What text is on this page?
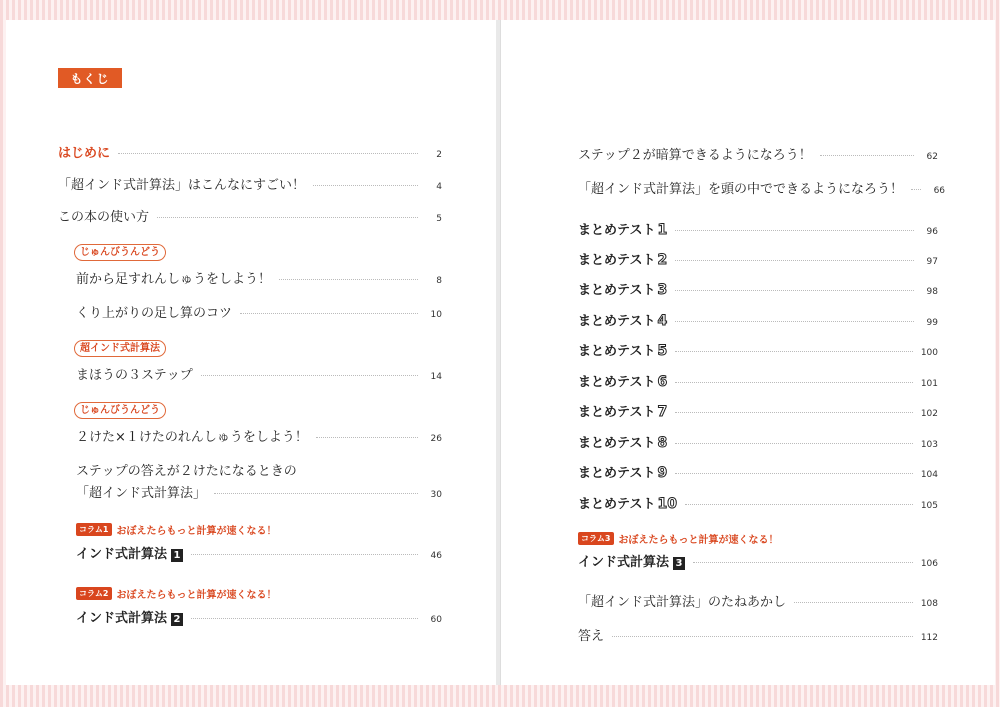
もくじ
はじめに	2
「超インド式計算法」はこんなにすごい！	4
この本の使い方	5
じゅんびうんどう
前から足すれんしゅうをしよう！	8
くり上がりの足し算のコツ	10
超インド式計算法
まほうの３ステップ	14
じゅんびうんどう
２けた×１けたのれんしゅうをしよう！	26
ステップの答えが２けたになるときの
「超インド式計算法」	30
コラム1 おぼえたらもっと計算が速くなる！
インド式計算法 1	46
コラム2 おぼえたらもっと計算が速くなる！
インド式計算法 2	60
ステップ２が暗算できるようになろう！	62
「超インド式計算法」を頭の中でできるようになろう！	66
まとめテスト 1	96
まとめテスト 2	97
まとめテスト 3	98
まとめテスト 4	99
まとめテスト 5	100
まとめテスト 6	101
まとめテスト 7	102
まとめテスト 8	103
まとめテスト 9	104
まとめテスト 10	105
コラム3 おぼえたらもっと計算が速くなる！
インド式計算法 3	106
「超インド式計算法」のたねあかし	108
答え	112
